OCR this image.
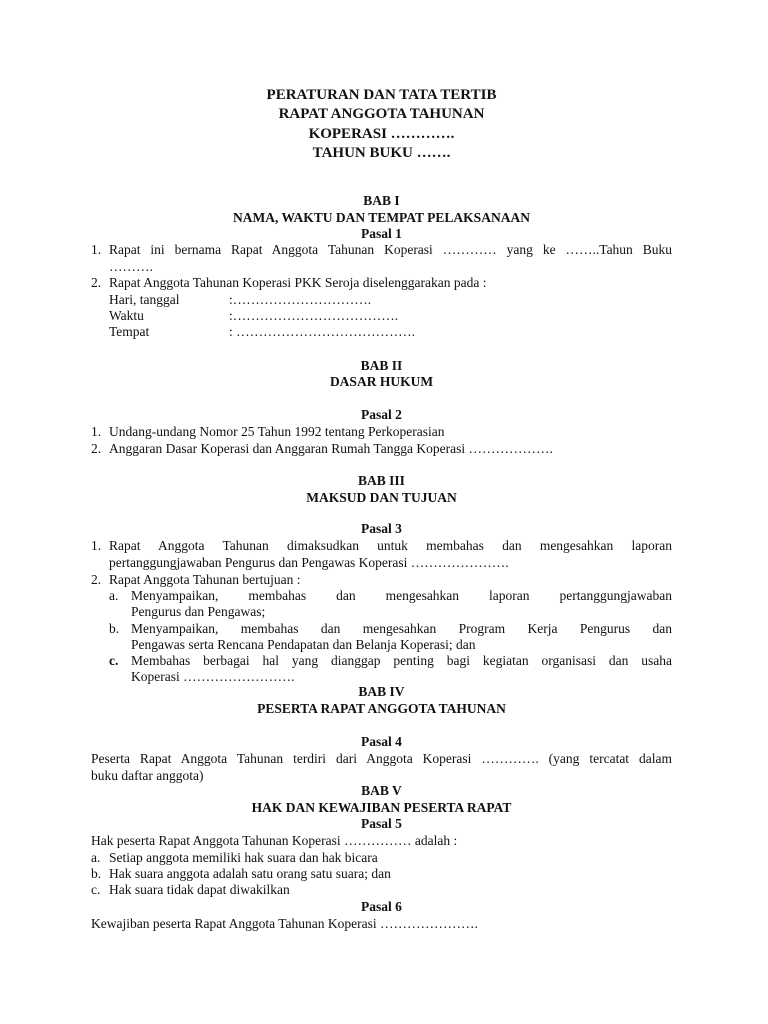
PERATURAN DAN TATA TERTIB
RAPAT ANGGOTA TAHUNAN
KOPERASI ………….
TAHUN BUKU …….
BAB I
NAMA, WAKTU DAN TEMPAT PELAKSANAAN
Pasal 1
1. Rapat ini bernama Rapat Anggota Tahunan Koperasi ………… yang ke ……..Tahun Buku
……….
2. Rapat Anggota Tahunan Koperasi PKK Seroja diselenggarakan pada :
Hari, tanggal	:………………………….
Waktu	:……………………………….
Tempat	: ………………………………….
BAB II
DASAR HUKUM
Pasal 2
1. Undang-undang Nomor 25 Tahun 1992 tentang Perkoperasian
2. Anggaran Dasar Koperasi dan Anggaran Rumah Tangga Koperasi ……………….
BAB III
MAKSUD DAN TUJUAN
Pasal 3
1. Rapat Anggota Tahunan dimaksudkan untuk membahas dan mengesahkan laporan
pertanggungjawaban Pengurus dan Pengawas Koperasi ………………….
2. Rapat Anggota Tahunan bertujuan :
a. Menyampaikan, membahas dan mengesahkan laporan pertanggungjawaban
Pengurus dan Pengawas;
b. Menyampaikan, membahas dan mengesahkan Program Kerja Pengurus dan
Pengawas serta Rencana Pendapatan dan Belanja Koperasi; dan
c. Membahas berbagai hal yang dianggap penting bagi kegiatan organisasi dan usaha
Koperasi …………………….
BAB IV
PESERTA RAPAT ANGGOTA TAHUNAN
Pasal 4
Peserta Rapat Anggota Tahunan terdiri dari Anggota Koperasi …………. (yang tercatat dalam
buku daftar anggota)
BAB V
HAK DAN KEWAJIBAN PESERTA RAPAT
Pasal 5
Hak peserta Rapat Anggota Tahunan Koperasi …………… adalah :
a. Setiap anggota memiliki hak suara dan hak bicara
b. Hak suara anggota adalah satu orang satu suara; dan
c. Hak suara tidak dapat diwakilkan
Pasal 6
Kewajiban peserta Rapat Anggota Tahunan Koperasi ………………….
